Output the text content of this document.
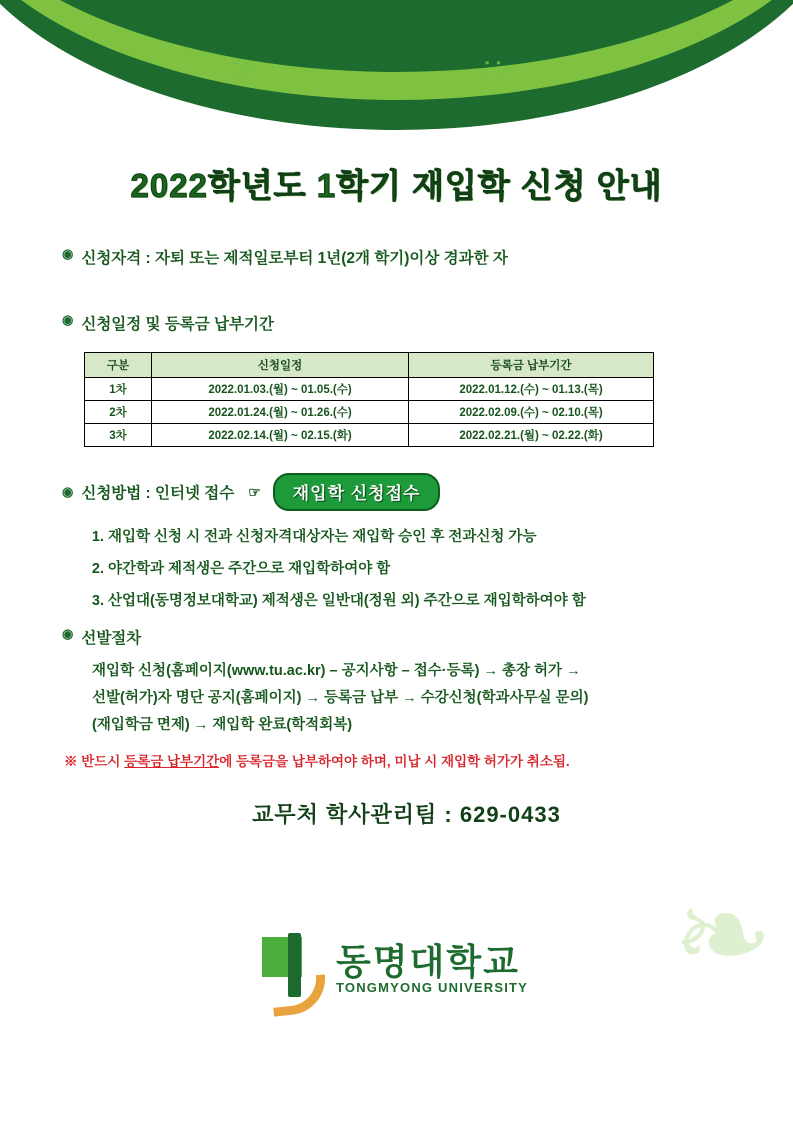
჻჻	჻჻
2022학년도 1학기 재입학 신청 안내
◉ 신청자격 : 자퇴 또는 제적일로부터 1년(2개 학기)이상 경과한 자
◉ 신청일정 및 등록금 납부기간
구분	신청일정	등록금 납부기간
1차	2022.01.03.(월) ~ 01.05.(수)	2022.01.12.(수) ~ 01.13.(목)
2차	2022.01.24.(월) ~ 01.26.(수)	2022.02.09.(수) ~ 02.10.(목)
3차	2022.02.14.(월) ~ 02.15.(화)	2022.02.21.(월) ~ 02.22.(화)
◉ 신청방법 : 인터넷 접수 ☞	재입학 신청접수
1. 재입학 신청 시 전과 신청자격대상자는 재입학 승인 후 전과신청 가능
2. 야간학과 제적생은 주간으로 재입학하여야 함
3. 산업대(동명정보대학교) 제적생은 일반대(정원 외) 주간으로 재입학하여야 함
◉ 선발절차
재입학 신청(홈페이지(www.tu.ac.kr) – 공지사항 – 접수·등록) → 총장 허가 →
선발(허가)자 명단 공지(홈페이지) → 등록금 납부 → 수강신청(학과사무실 문의)
(재입학금 면제) → 재입학 완료(학적회복)
※ 반드시 등록금 납부기간에 등록금을 납부하여야 하며, 미납 시 재입학 허가가 취소됨.
교무처 학사관리팀 : 629-0433
❧
동명대학교
TONGMYONG UNIVERSITY
